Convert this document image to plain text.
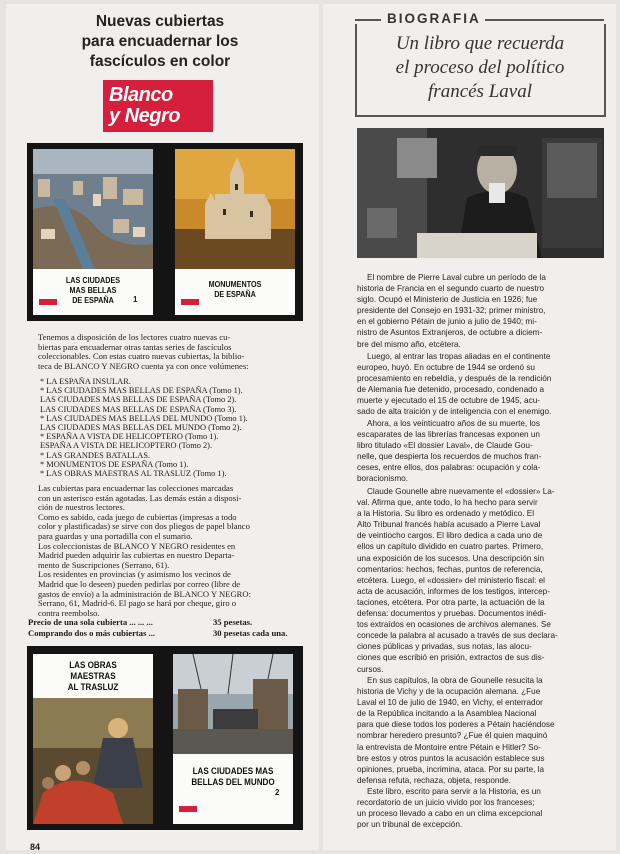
Nuevas cubiertas
para encuadernar los
fascículos en color
Blanco
y Negro
LAS CIUDADES
MAS BELLAS
DE ESPAÑA	1
MONUMENTOS
DE ESPAÑA
Tenemos a disposición de los lectores cuatro nuevas cu-
biertas para encuadernar otras tantas series de fascículos
coleccionables. Con estas cuatro nuevas cubiertas, la biblio-
teca de BLANCO Y NEGRO cuenta ya con once volúmenes:
* LA ESPAÑA INSULAR.
* LAS CIUDADES MAS BELLAS DE ESPAÑA (Tomo 1).
LAS CIUDADES MAS BELLAS DE ESPAÑA (Tomo 2).
LAS CIUDADES MAS BELLAS DE ESPAÑA (Tomo 3).
* LAS CIUDADES MAS BELLAS DEL MUNDO (Tomo 1).
LAS CIUDADES MAS BELLAS DEL MUNDO (Tomo 2).
* ESPAÑA A VISTA DE HELICOPTERO (Tomo 1).
ESPAÑA A VISTA DE HELICOPTERO (Tomo 2).
* LAS GRANDES BATALLAS.
* MONUMENTOS DE ESPAÑA (Tomo 1).
* LAS OBRAS MAESTRAS AL TRASLUZ (Tomo 1).
Las cubiertas para encuadernar las colecciones marcadas
con un asterisco están agotadas. Las demás están a disposi-
ción de nuestros lectores.
Como es sabido, cada juego de cubiertas (impresas a todo
color y plastificadas) se sirve con dos pliegos de papel blanco
para guardas y una portadilla con el sumario.
Los coleccionistas de BLANCO Y NEGRO residentes en
Madrid pueden adquirir las cubiertas en nuestro Departa-
mento de Suscripciones (Serrano, 61).
Los residentes en provincias (y asimismo los vecinos de
Madrid que lo deseen) pueden pedirlas por correo (libre de
gastos de envío) a la administración de BLANCO Y NEGRO:
Serrano, 61, Madrid-6. El pago se hará por cheque, giro o
contra reembolso.
Precio de una sola cubierta ... ... ...	35 pesetas.
Comprando dos o más cubiertas ...	30 pesetas cada una.
LAS OBRAS
MAESTRAS
AL TRASLUZ
LAS CIUDADES MAS
BELLAS DEL MUNDO
2
84
BIOGRAFIA
Un libro que recuerda
el proceso del político
francés Laval
El nombre de Pierre Laval cubre un período de la
historia de Francia en el segundo cuarto de nuestro
siglo. Ocupó el Ministerio de Justicia en 1926; fue
presidente del Consejo en 1931-32; primer ministro,
en el gobierno Pétain de junio a julio de 1940; mi-
nistro de Asuntos Extranjeros, de octubre a diciem-
bre del mismo año, etcétera.
Luego, al entrar las tropas aliadas en el continente
europeo, huyó. En octubre de 1944 se ordenó su
procesamiento en rebeldía, y después de la rendición
de Alemania fue detenido, procesado, condenado a
muerte y ejecutado el 15 de octubre de 1945, acu-
sado de alta traición y de inteligencia con el enemigo.
Ahora, a los veinticuatro años de su muerte, los
escaparates de las librerías francesas exponen un
libro titulado «El dossier Laval», de Claude Gou-
nelle, que despierta los recuerdos de muchos fran-
ceses, entre ellos, dos palabras: ocupación y cola-
boracionismo.
Claude Gounelle abre nuevamente el «dossier» La-
val. Afirma que, ante todo, lo ha hecho para servir
a la Historia. Su libro es ordenado y metódico. El
Alto Tribunal francés había acusado a Pierre Laval
de veintiocho cargos. El libro dedica a cada uno de
ellos un capítulo dividido en cuatro partes. Primero,
una exposición de los sucesos. Una descripción sin
comentarios: hechos, fechas, puntos de referencia,
etcétera. Luego, el «dossier» del ministerio fiscal: el
acta de acusación, informes de los testigos, intercep-
taciones, etcétera. Por otra parte, la actuación de la
defensa: documentos y pruebas. Documentos inédi-
tos extraídos en ocasiones de archivos alemanes. Se
concede la palabra al acusado a través de sus declara-
ciones públicas y privadas, sus notas, las alocu-
ciones que escribió en prisión, extractos de sus dis-
cursos.
En sus capítulos, la obra de Gounelle resucita la
historia de Vichy y de la ocupación alemana. ¿Fue
Laval el 10 de julio de 1940, en Vichy, el enterrador
de la República incitando a la Asamblea Nacional
para que diese todos los poderes a Pétain haciéndose
nombrar heredero presunto? ¿Fue él quien maquinó
la entrevista de Montoire entre Pétain e Hitler? So-
bre estos y otros puntos la acusación establece sus
opiniones, prueba, incrimina, ataca. Por su parte, la
defensa refuta, rechaza, objeta, responde.
Este libro, escrito para servir a la Historia, es un
recordatorio de un juicio vivido por los franceses;
un proceso llevado a cabo en un clima excepcional
por un tribunal de excepción.
